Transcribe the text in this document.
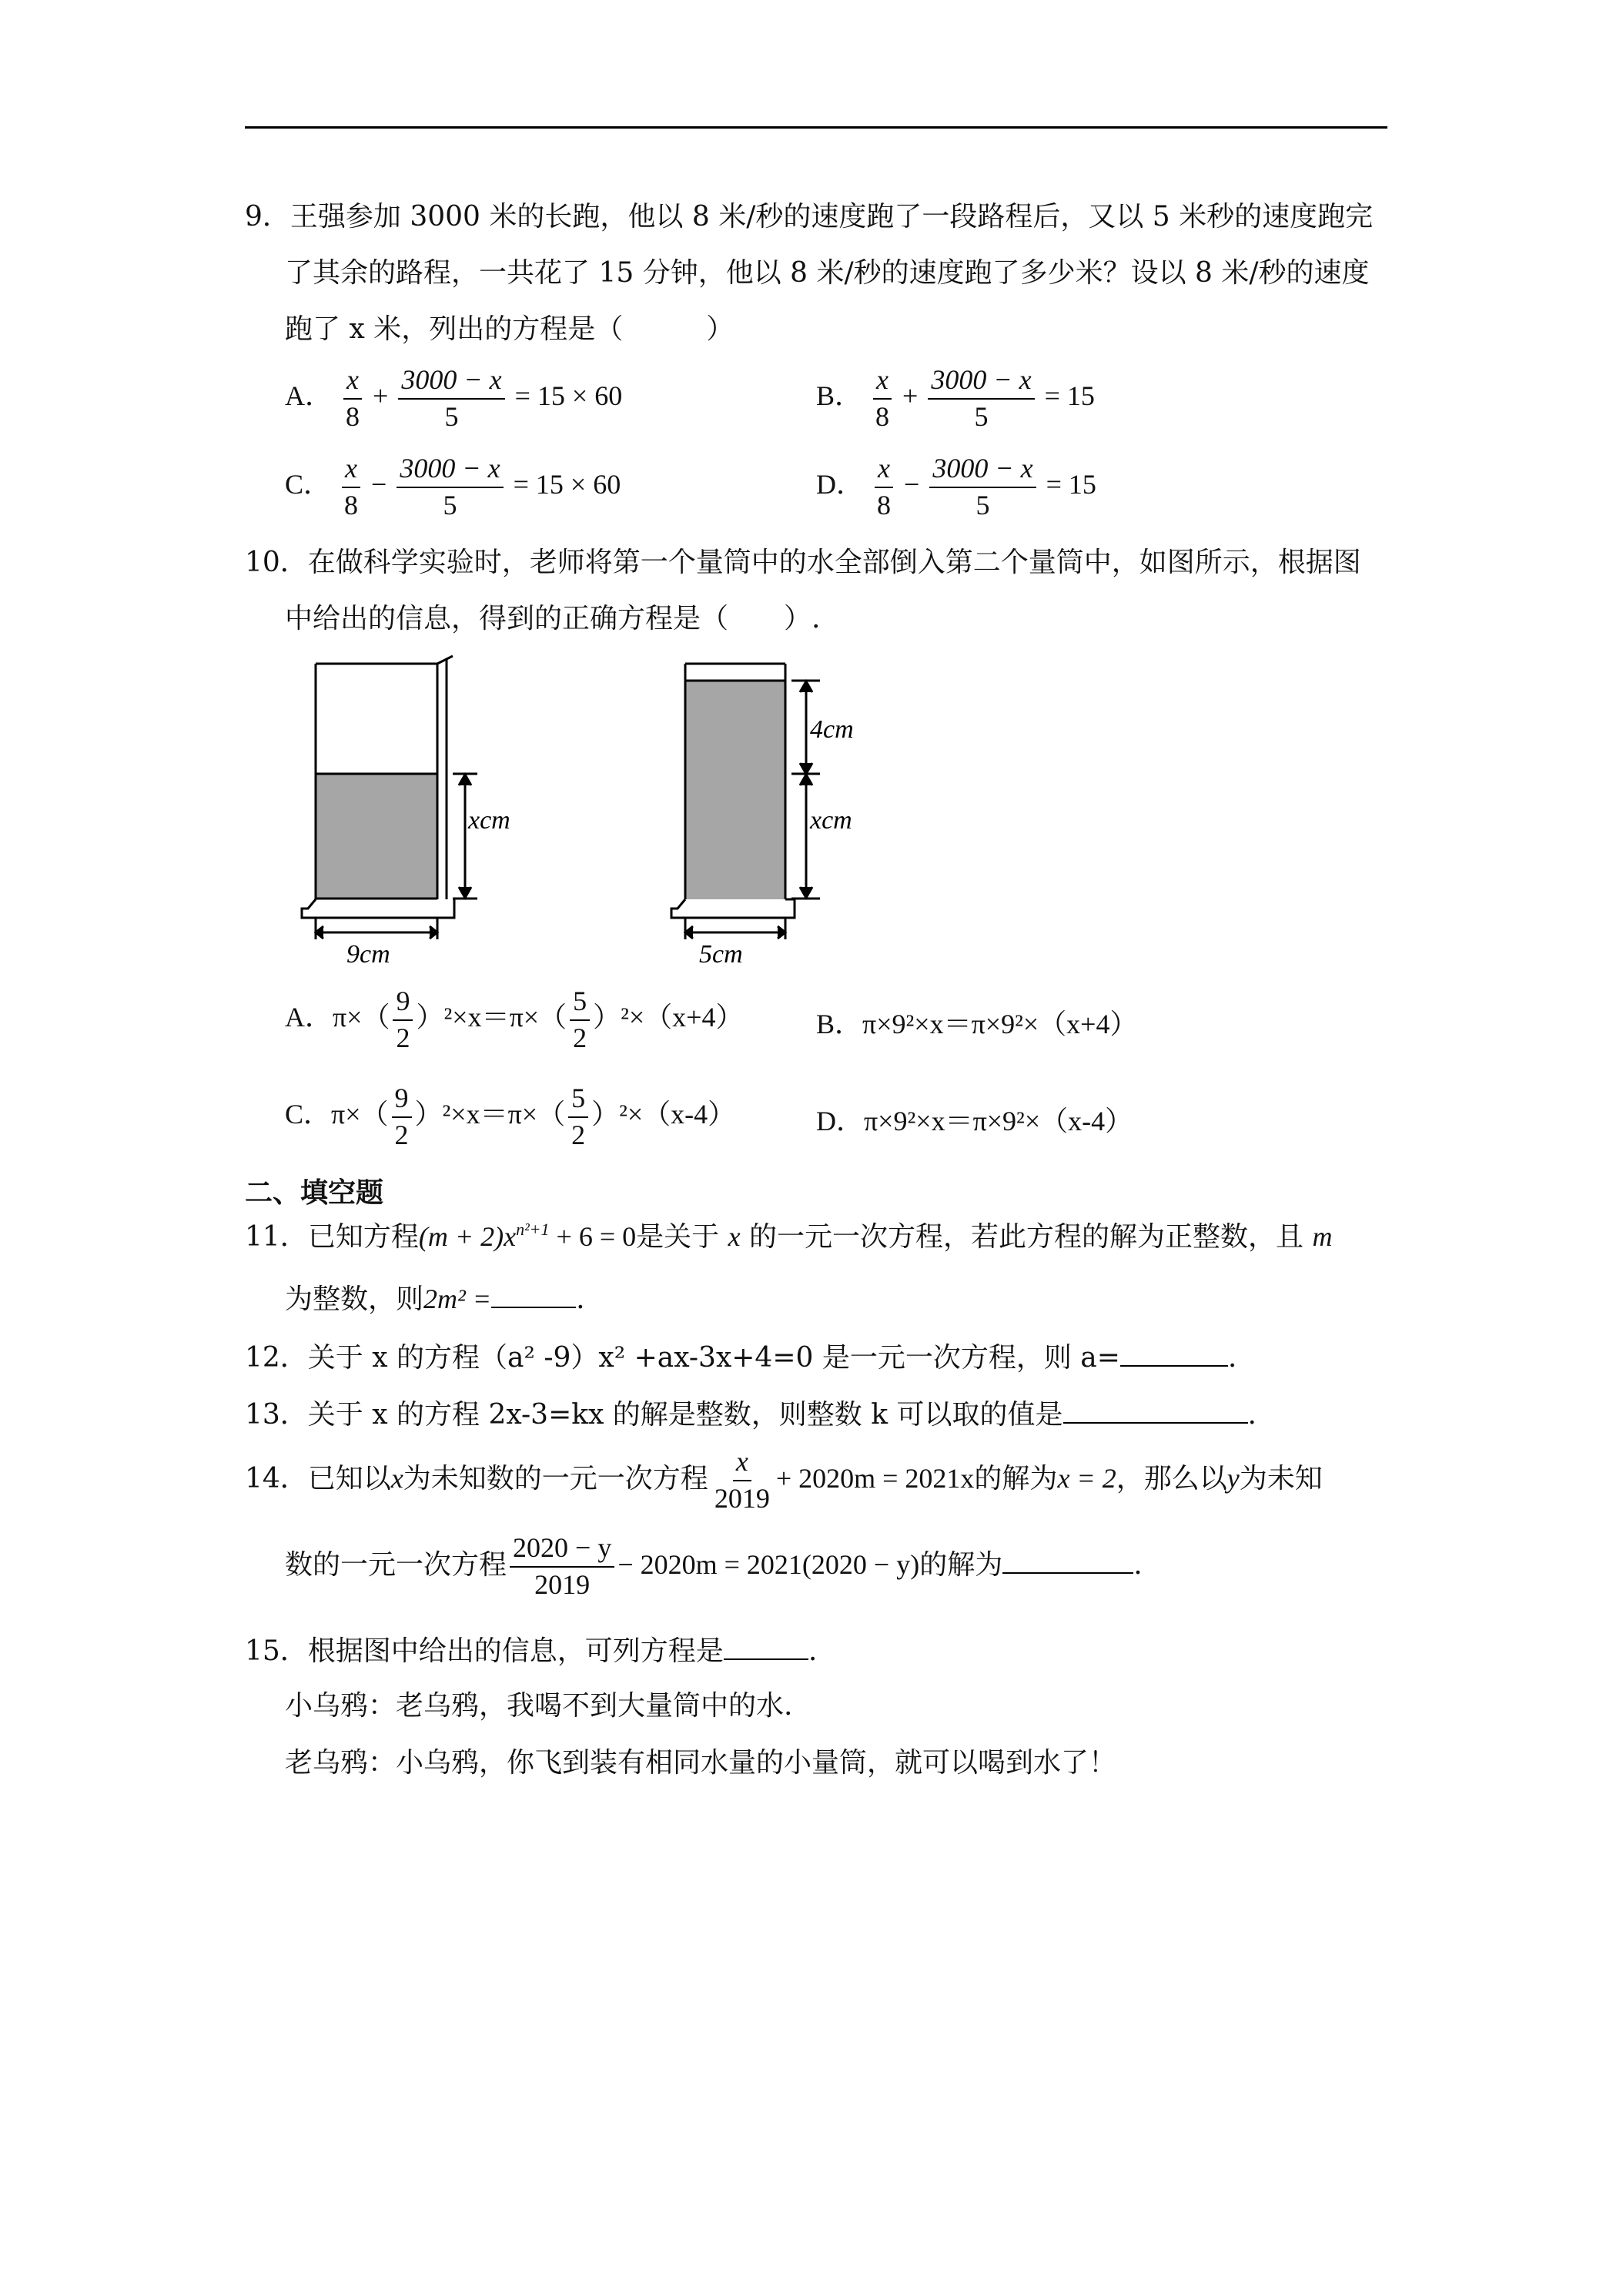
9．王强参加 3000 米的长跑，他以 8 米/秒的速度跑了一段路程后，又以 5 米秒的速度跑完
了其余的路程，一共花了 15 分钟，他以 8 米/秒的速度跑了多少米？设以 8 米/秒的速度
跑了 x 米，列出的方程是（　　　）
A． $\frac{x}{8} + \frac{3000 - x}{5} = 15 \times 60$	B． $\frac{x}{8} + \frac{3000 - x}{5} = 15$
C． $\frac{x}{8} - \frac{3000 - x}{5} = 15 \times 60$	D． $\frac{x}{8} - \frac{3000 - x}{5} = 15$
10．在做科学实验时，老师将第一个量筒中的水全部倒入第二个量筒中，如图所示，根据图
中给出的信息，得到的正确方程是（　　）.
xcm
9cm
4cm
xcm
5cm
A．$\pi\times( \frac{9}{2} )^2\times x=\pi\times( \frac{5}{2} )^2\times(x+4)$	B．π×9²×x＝π×9²×（x+4）
C．$\pi\times( \frac{9}{2} )^2\times x=\pi\times( \frac{5}{2} )^2\times(x-4)$	D．π×9²×x＝π×9²×（x-4）
二、填空题
11．已知方程$(m + 2)x^{n^2+1} + 6 = 0$是关于 x 的一元一次方程，若此方程的解为正整数，且 m
为整数，则2m² =	.
12．关于 x 的方程（a² -9）x² +ax-3x+4=0 是一元一次方程，则 a=	.
13．关于 x 的方程 2x-3=kx 的解是整数，则整数 k 可以取的值是	.
14．已知以x为未知数的一元一次方程 $\frac{x}{2019} + 2020m = 2021x$的解为x = 2，那么以y为未知
数的一元一次方程 $\frac{2020 - y}{2019} - 2020m = 2021(2020 - y)$的解为	.
15．根据图中给出的信息，可列方程是	.
小乌鸦：老乌鸦，我喝不到大量筒中的水.
老乌鸦：小乌鸦，你飞到装有相同水量的小量筒，就可以喝到水了！
